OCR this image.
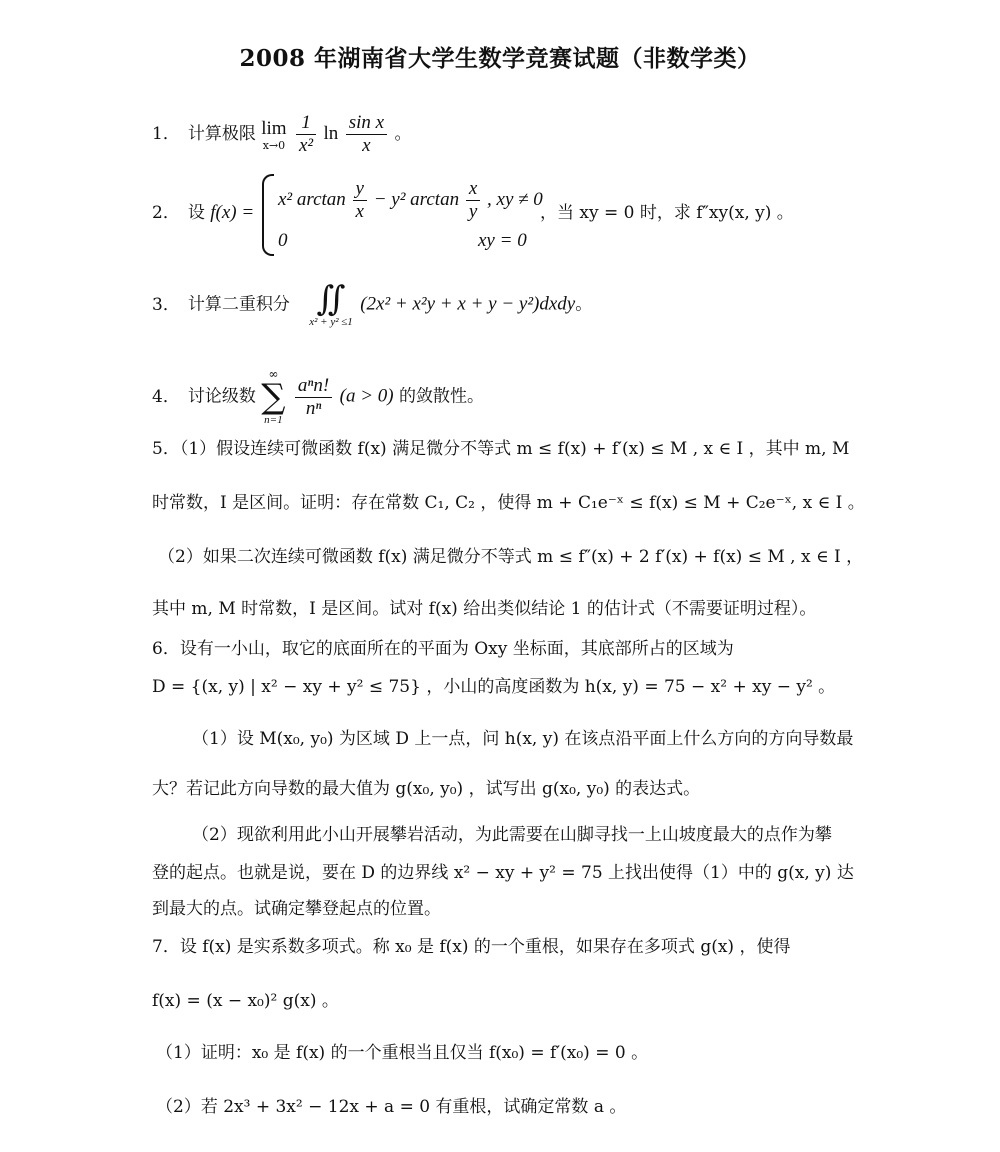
2008 年湖南省大学生数学竞赛试题（非数学类）
1． 计算极限 lim
x→0
$\frac{1}{\text{x²}}$ $\ln \frac{\text{sin x}}{x}$ 。
2． 设 f(x) =
x² $\arctan \frac{y}{x} - y^2$ $\arctan \frac{x}{y}$ , xy ≠ 0
0	xy = 0
，当 xy = 0 时，求 f″xy(x, y) 。
3． 计算二重积分 ∬
x² + y² ≤1
(2x² + x²y + x + y − y²)dxdy。
4． 讨论级数
∞
∑
n=1

$\frac{\text{aⁿn!}}{\text{nⁿ}} (a > 0)$ 的敛散性。
5．（1）假设连续可微函数 f(x) 满足微分不等式 m ≤ f(x) + f′(x) ≤ M , x ∈ I ，其中 m, M
时常数，I 是区间。证明：存在常数 C₁, C₂ ，使得 m + C₁e⁻ˣ ≤ f(x) ≤ M + C₂e⁻ˣ, x ∈ I 。
（2）如果二次连续可微函数 f(x) 满足微分不等式 m ≤ f″(x) + 2 f′(x) + f(x) ≤ M , x ∈ I ，
其中 m, M 时常数，I 是区间。试对 f(x) 给出类似结论 1 的估计式（不需要证明过程）。
6．设有一小山，取它的底面所在的平面为 Oxy 坐标面，其底部所占的区域为
D = {(x, y) | x² − xy + y² ≤ 75} ，小山的高度函数为 h(x, y) = 75 − x² + xy − y² 。
（1）设 M(x₀, y₀) 为区域 D 上一点，问 h(x, y) 在该点沿平面上什么方向的方向导数最
大？若记此方向导数的最大值为 g(x₀, y₀) ，试写出 g(x₀, y₀) 的表达式。
（2）现欲利用此小山开展攀岩活动，为此需要在山脚寻找一上山坡度最大的点作为攀
登的起点。也就是说，要在 D 的边界线 x² − xy + y² = 75 上找出使得（1）中的 g(x, y) 达
到最大的点。试确定攀登起点的位置。
7．设 f(x) 是实系数多项式。称 x₀ 是 f(x) 的一个重根，如果存在多项式 g(x) ，使得
f(x) = (x − x₀)² g(x) 。
（1）证明：x₀ 是 f(x) 的一个重根当且仅当 f(x₀) = f′(x₀) = 0 。
（2）若 2x³ + 3x² − 12x + a = 0 有重根，试确定常数 a 。
